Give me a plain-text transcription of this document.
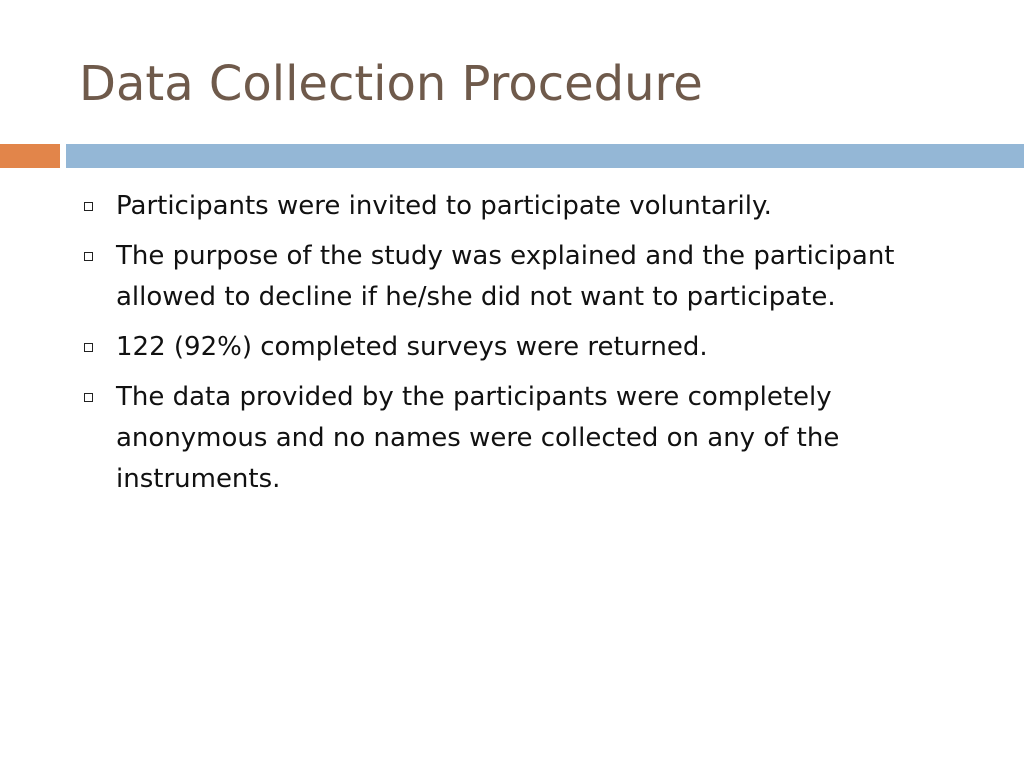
Data Collection Procedure
Participants were invited to participate voluntarily.
The purpose of the study was explained and the participant allowed to decline if he/she did not want to participate.
122 (92%) completed surveys were returned.
The data provided by the participants were completely anonymous and no names were collected on any of the instruments.
